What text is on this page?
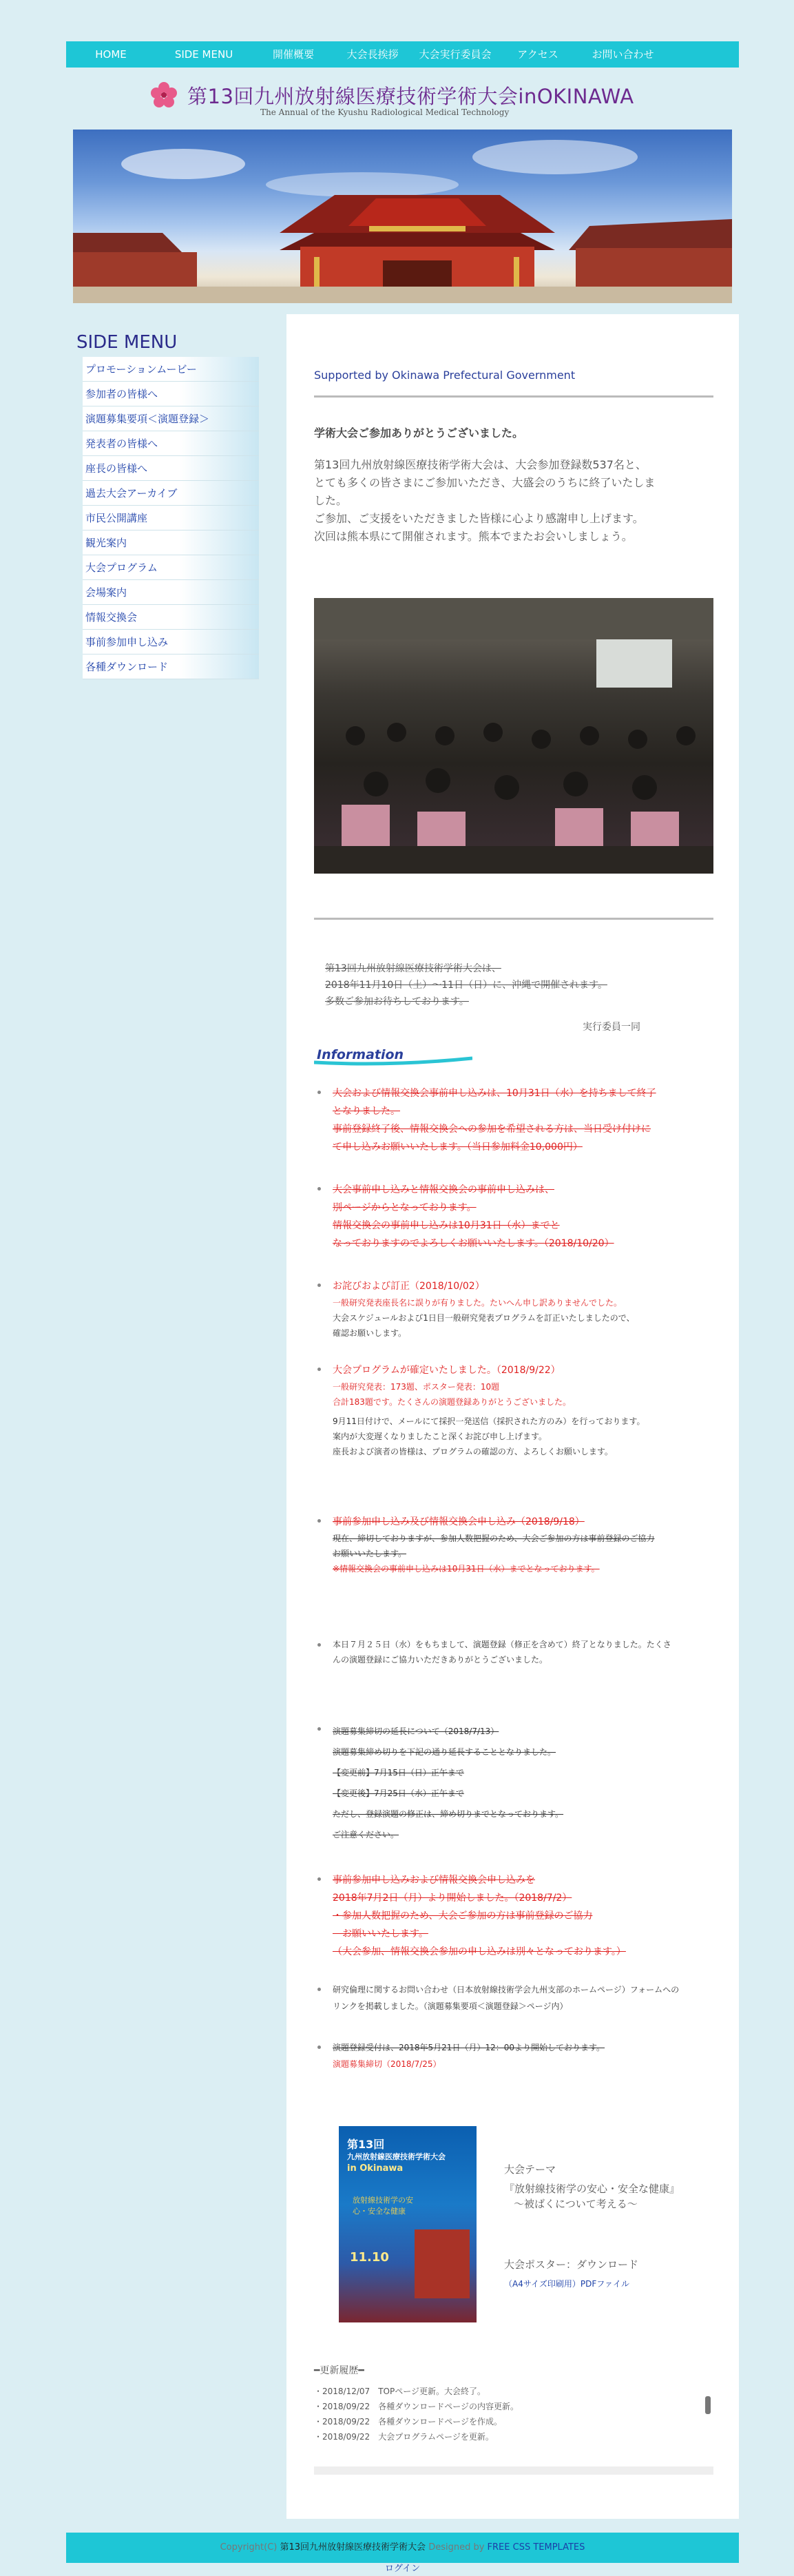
HOME	SIDE MENU	開催概要	大会長挨拶	大会実行委員会	アクセス	お問い合わせ
第13回九州放射線医療技術学術大会inOKINAWA
The Annual of the Kyushu Radiological Medical Technology
SIDE MENU
プロモーションムービー
参加者の皆様へ
演題募集要項＜演題登録＞
発表者の皆様へ
座長の皆様へ
過去大会アーカイブ
市民公開講座
観光案内
大会プログラム
会場案内
情報交換会
事前参加申し込み
各種ダウンロード
Supported by Okinawa Prefectural Government
学術大会ご参加ありがとうございました。
第13回九州放射線医療技術学術大会は、大会参加登録数537名と、
とても多くの皆さまにご参加いただき、大盛会のうちに終了いたしま
した。
ご参加、ご支援をいただきました皆様に心より感謝申し上げます。
次回は熊本県にて開催されます。熊本でまたお会いしましょう。
第13回九州放射線医療技術学術大会は、
2018年11月10日（土）～11日（日）に、沖縄で開催されます。
多数ご参加お待ちしております。
実行委員一同
Information
大会および情報交換会事前申し込みは、10月31日（水）を持ちまして終了
となりました。
事前登録終了後、情報交換会への参加を希望される方は、当日受け付けに
て申し込みお願いいたします。（当日参加料金10,000円）
大会事前申し込みと情報交換会の事前申し込みは、
別ページからとなっております。
情報交換会の事前申し込みは10月31日（水）までと
なっておりますのでよろしくお願いいたします。（2018/10/20）
お詫びおよび訂正（2018/10/02）
一般研究発表座長名に誤りが有りました。たいへん申し訳ありませんでした。
大会スケジュールおよび1日目一般研究発表プログラムを訂正いたしましたので、
確認お願いします。
大会プログラムが確定いたしました。（2018/9/22）
一般研究発表：173題、ポスター発表：10題
合計183題です。たくさんの演題登録ありがとうございました。
9月11日付けで、メールにて採択一発送信（採択された方のみ）を行っております。
案内が大変遅くなりましたこと深くお詫び申し上げます。
座長および演者の皆様は、プログラムの確認の方、よろしくお願いします。
事前参加申し込み及び情報交換会申し込み（2018/9/18）
現在、締切しておりますが、参加人数把握のため、大会ご参加の方は事前登録のご協力
お願いいたします。
※情報交換会の事前申し込みは10月31日（水）までとなっております。
本日７月２５日（水）をもちまして、演題登録（修正を含めて）終了となりました。たくさ
んの演題登録にご協力いただきありがとうございました。
演題募集締切の延長について（2018/7/13）
演題募集締め切りを下記の通り延長することとなりました。
【変更前】7月15日（日）正午まで
【変更後】7月25日（水）正午まで
ただし、登録演題の修正は、締め切りまでとなっております。
ご注意ください。
事前参加申し込みおよび情報交換会申し込みを
2018年7月2日（月）より開始しました。（2018/7/2）
・参加人数把握のため、大会ご参加の方は事前登録のご協力
　お願いいたします。
（大会参加、情報交換会参加の申し込みは別々となっております。）
研究倫理に関するお問い合わせ（日本放射線技術学会九州支部のホームページ）フォームへの
リンクを掲載しました。（演題募集要項＜演題登録＞ページ内）
演題登録受付は、2018年5月21日（月）12：00より開始しております。
演題募集締切（2018/7/25）
第13回
九州放射線医療技術学術大会
in Okinawa
放射線技術学の安心・安全な健康
11.10
大会テーマ
『放射線技術学の安心・安全な健康』
～被ばくについて考える～
大会ポスター：ダウンロード
（A4サイズ印刷用）PDFファイル
━更新履歴━
・2018/12/07　 TOPページ更新。大会終了。
・2018/09/22　 各種ダウンロードページの内容更新。
・2018/09/22　 各種ダウンロードページを作成。
・2018/09/22　 大会プログラムページを更新。
Copyright(C) 第13回九州放射線医療技術学術大会 Designed by FREE CSS TEMPLATES
ログイン
